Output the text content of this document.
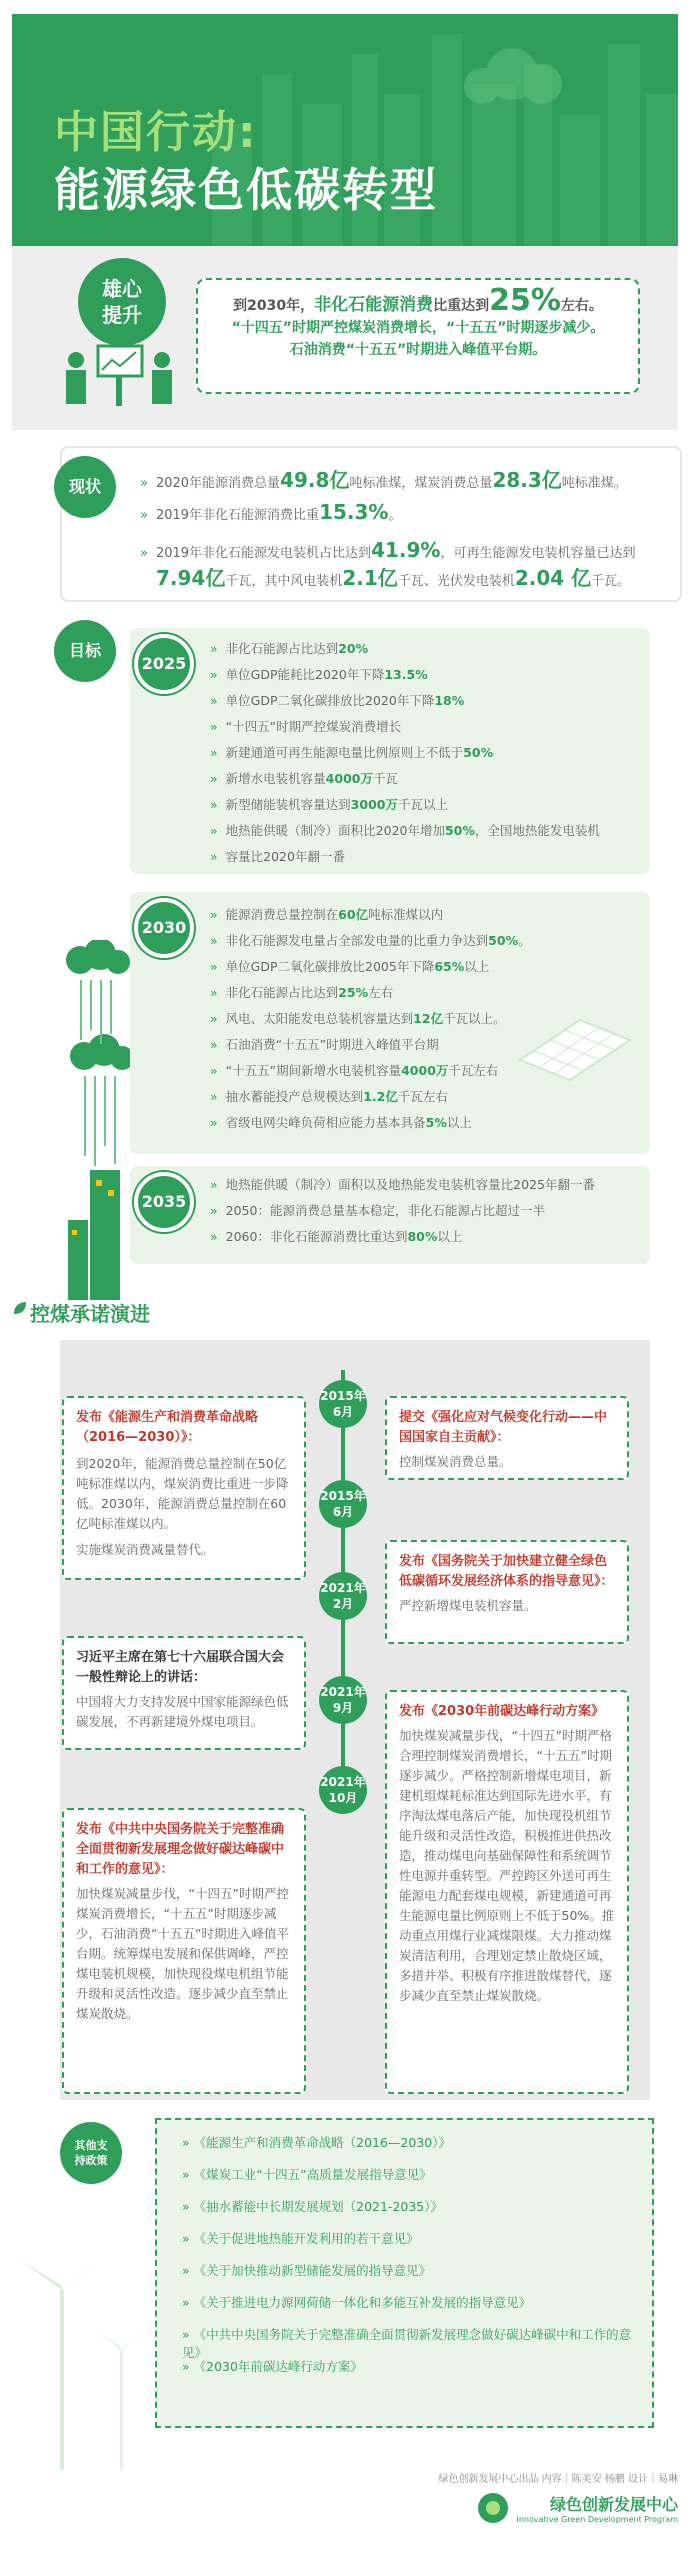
中国行动:
能源绿色低碳转型
雄心
提升	到2030年，非化石能源消费比重达到25%左右。
“十四五”时期严控煤炭消费增长，“十五五”时期逐步减少。
石油消费“十五五”时期进入峰值平台期。
现状	» 2020年能源消费总量49.8亿吨标准煤，煤炭消费总量28.3亿吨标准煤。
» 2019年非化石能源消费比重15.3%。
» 2019年非化石能源发电装机占比达到41.9%，可再生能源发电装机容量已达到
7.94亿千瓦，其中风电装机2.1亿千瓦、光伏发电装机2.04 亿千瓦。
目标
2025
» 非化石能源占比达到20%
» 单位GDP能耗比2020年下降13.5%
» 单位GDP二氧化碳排放比2020年下降18%
» “十四五”时期严控煤炭消费增长
» 新建通道可再生能源电量比例原则上不低于50%
» 新增水电装机容量4000万千瓦
» 新型储能装机容量达到3000万千瓦以上
» 地热能供暖（制冷）面积比2020年增加50%，全国地热能发电装机
» 容量比2020年翻一番
2030
» 能源消费总量控制在60亿吨标准煤以内
» 非化石能源发电量占全部发电量的比重力争达到50%。
» 单位GDP二氧化碳排放比2005年下降65%以上
» 非化石能源占比达到25%左右
» 风电、太阳能发电总装机容量达到12亿千瓦以上。
» 石油消费“十五五”时期进入峰值平台期
» “十五五”期间新增水电装机容量4000万千瓦左右
» 抽水蓄能投产总规模达到1.2亿千瓦左右
» 省级电网尖峰负荷相应能力基本具备5%以上
2035
» 地热能供暖（制冷）面积以及地热能发电装机容量比2025年翻一番
» 2050：能源消费总量基本稳定，非化石能源占比超过一半
» 2060：非化石能源消费比重达到80%以上
控煤承诺演进
2015年
6月
2015年
6月
2021年
2月
2021年
9月
2021年
10月
发布《能源生产和消费革命战略（2016—2030）》：
到2020年，能源消费总量控制在50亿吨标准煤以内，煤炭消费比重进一步降低。2030年，能源消费总量控制在60亿吨标准煤以内。
实施煤炭消费减量替代。
提交《强化应对气候变化行动——中国国家自主贡献》：
控制煤炭消费总量。
发布《国务院关于加快建立健全绿色低碳循环发展经济体系的指导意见》：
严控新增煤电装机容量。
习近平主席在第七十六届联合国大会一般性辩论上的讲话：
中国将大力支持发展中国家能源绿色低碳发展，不再新建境外煤电项目。
发布《2030年前碳达峰行动方案》
加快煤炭减量步伐，“十四五”时期严格合理控制煤炭消费增长，“十五五”时期逐步减少。严格控制新增煤电项目，新建机组煤耗标准达到国际先进水平，有序淘汰煤电落后产能，加快现役机组节能升级和灵活性改造，积极推进供热改造，推动煤电向基础保障性和系统调节性电源并重转型。严控跨区外送可再生能源电力配套煤电规模，新建通道可再生能源电量比例原则上不低于50%。推动重点用煤行业减煤限煤。大力推动煤炭清洁利用，合理划定禁止散烧区域，多措并举、积极有序推进散煤替代，逐步减少直至禁止煤炭散烧。
发布《中共中央国务院关于完整准确全面贯彻新发展理念做好碳达峰碳中和工作的意见》：
加快煤炭减量步伐，“十四五”时期严控煤炭消费增长，“十五五”时期逐步减少，石油消费“十五五”时期进入峰值平台期。统筹煤电发展和保供调峰，严控煤电装机规模，加快现役煤电机组节能升级和灵活性改造。逐步减少直至禁止煤炭散烧。
其他支
持政策
» 《能源生产和消费革命战略（2016—2030）》
» 《煤炭工业“十四五”高质量发展指导意见》
» 《抽水蓄能中长期发展规划（2021-2035）》
» 《关于促进地热能开发利用的若干意见》
» 《关于加快推动新型储能发展的指导意见》
» 《关于推进电力源网荷储一体化和多能互补发展的指导意见》
» 《中共中央国务院关于完整准确全面贯彻新发展理念做好碳达峰碳中和工作的意见》
» 《2030年前碳达峰行动方案》
绿色创新发展中心出品 内容｜陈美安 杨鹏 设计｜易琳
绿色创新发展中心
Innovative Green Development Program
